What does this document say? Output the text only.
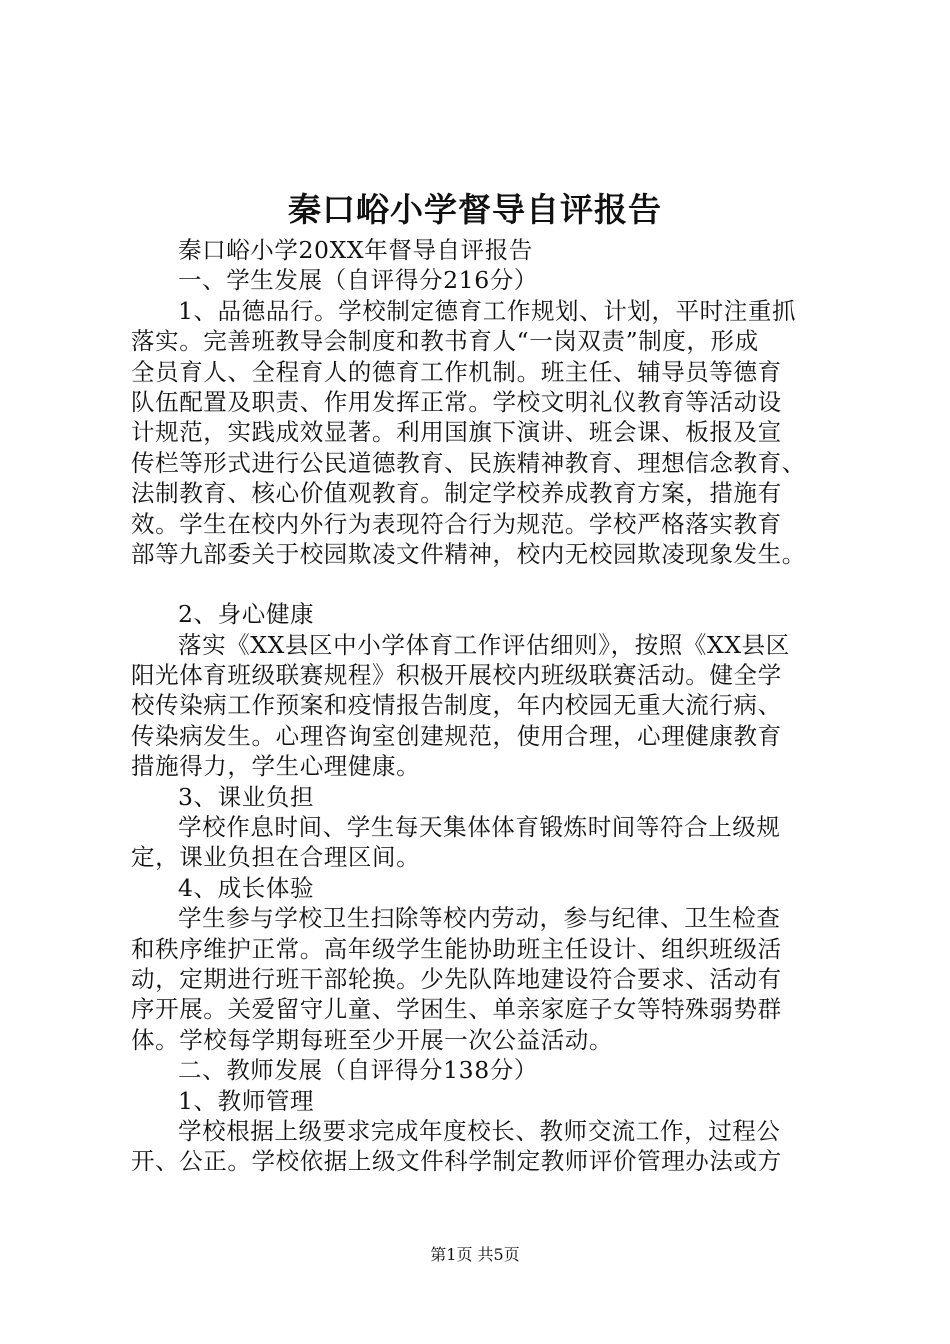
秦口峪小学督导自评报告
秦口峪小学20XX年督导自评报告
一、学生发展（自评得分216分）
1、品德品行。学校制定德育工作规划、计划，平时注重抓
落实。完善班教导会制度和教书育人“一岗双责”制度，形成
全员育人、全程育人的德育工作机制。班主任、辅导员等德育
队伍配置及职责、作用发挥正常。学校文明礼仪教育等活动设
计规范，实践成效显著。利用国旗下演讲、班会课、板报及宣
传栏等形式进行公民道德教育、民族精神教育、理想信念教育、
法制教育、核心价值观教育。制定学校养成教育方案，措施有
效。学生在校内外行为表现符合行为规范。学校严格落实教育
部等九部委关于校园欺凌文件精神，校内无校园欺凌现象发生。
2、身心健康
落实《XX县区中小学体育工作评估细则》，按照《XX县区
阳光体育班级联赛规程》积极开展校内班级联赛活动。健全学
校传染病工作预案和疫情报告制度，年内校园无重大流行病、
传染病发生。心理咨询室创建规范，使用合理，心理健康教育
措施得力，学生心理健康。
3、课业负担
学校作息时间、学生每天集体体育锻炼时间等符合上级规
定，课业负担在合理区间。
4、成长体验
学生参与学校卫生扫除等校内劳动，参与纪律、卫生检查
和秩序维护正常。高年级学生能协助班主任设计、组织班级活
动，定期进行班干部轮换。少先队阵地建设符合要求、活动有
序开展。关爱留守儿童、学困生、单亲家庭子女等特殊弱势群
体。学校每学期每班至少开展一次公益活动。
二、教师发展（自评得分138分）
1、教师管理
学校根据上级要求完成年度校长、教师交流工作，过程公
开、公正。学校依据上级文件科学制定教师评价管理办法或方
第1页 共5页
